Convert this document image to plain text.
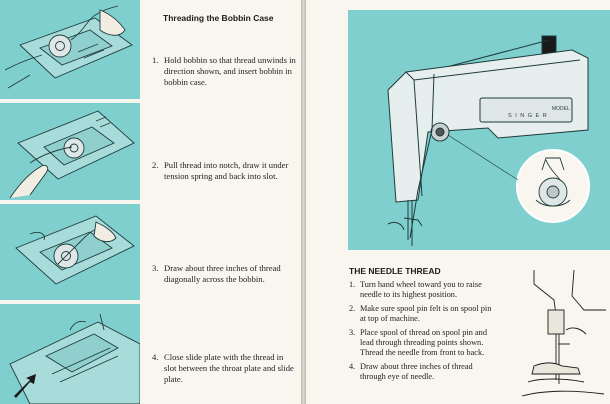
Threading the Bobbin Case
1. Hold bobbin so that thread unwinds in direction shown, and insert bobbin in bobbin case.
2. Pull thread into notch, draw it under tension spring and back into slot.
3. Draw about three inches of thread diagonally across the bobbin.
4. Close slide plate with the thread in slot between the throat plate and slide plate.
MODEL
S I N G E R
THE NEEDLE THREAD
1. Turn hand wheel toward you to raise needle to its highest position.
2. Make sure spool pin felt is on spool pin at top of machine.
3. Place spool of thread on spool pin and lead through threading points shown. Thread the needle from front to back.
4. Draw about three inches of thread through eye of needle.
